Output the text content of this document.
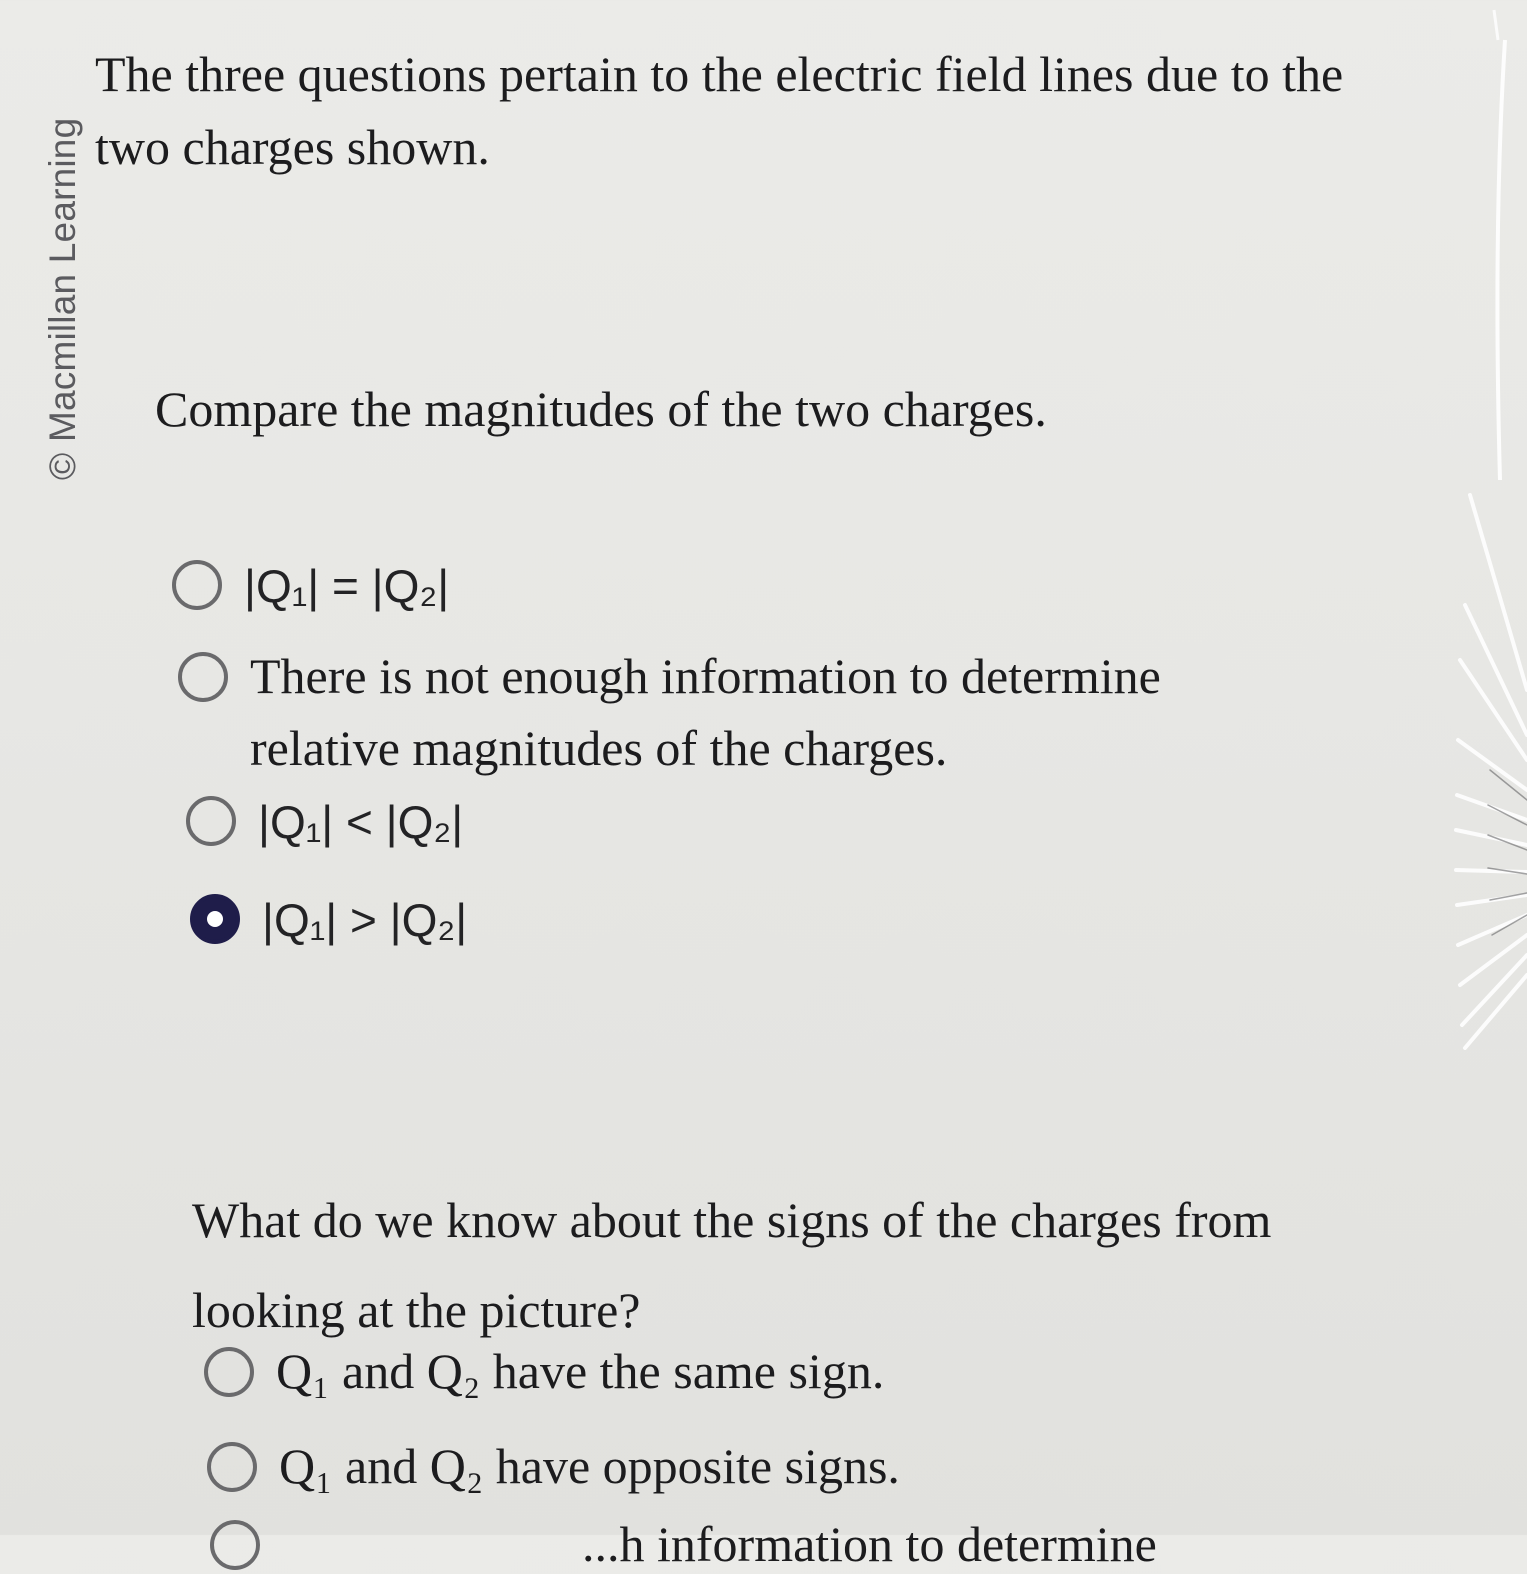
© Macmillan Learning
The three questions pertain to the electric field lines due to the two charges shown.
Compare the magnitudes of the two charges.
|Q₁| = |Q₂|
There is not enough information to determine relative magnitudes of the charges.
|Q₁| < |Q₂|
|Q₁| > |Q₂|
What do we know about the signs of the charges from looking at the picture?
Q₁ and Q₂ have the same sign.
Q₁ and Q₂ have opposite signs.
...h information to determine
